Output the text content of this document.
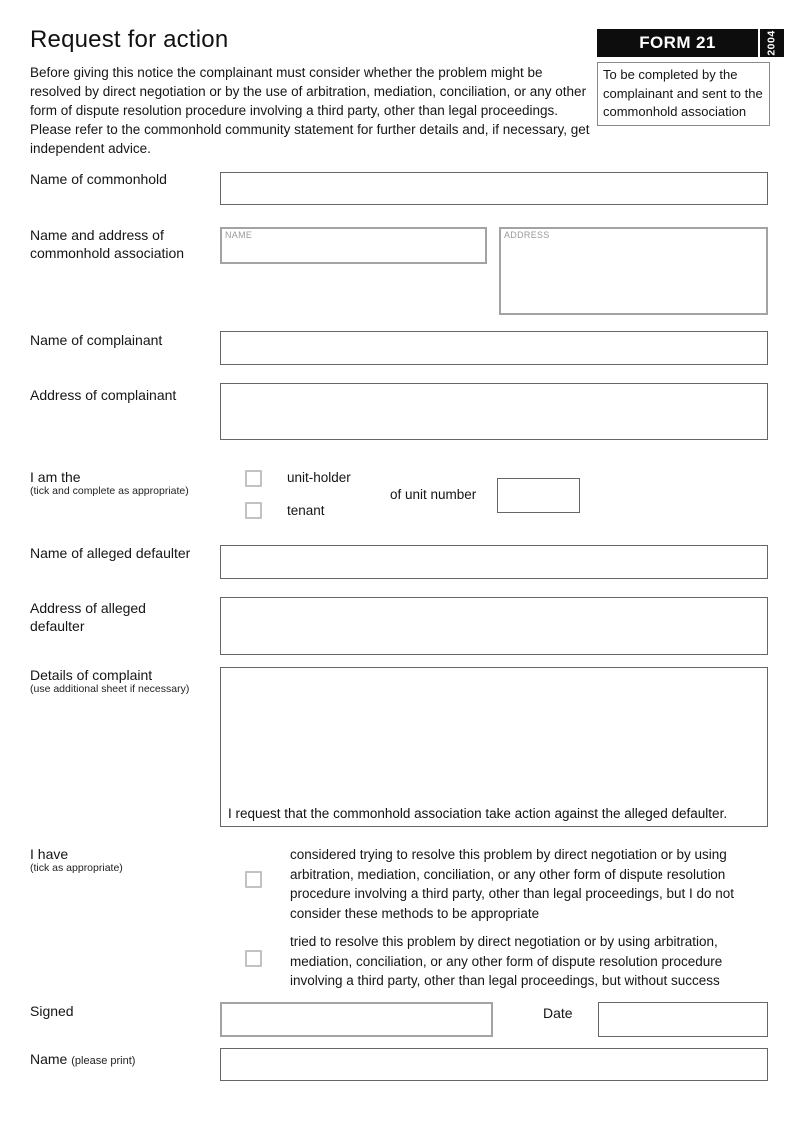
Request for action
Before giving this notice the complainant must consider whether the problem might be resolved by direct negotiation or by the use of arbitration, mediation, conciliation, or any other form of dispute resolution procedure involving a third party, other than legal proceedings. Please refer to the commonhold community statement for further details and, if necessary, get independent advice.
FORM 21	2004
To be completed by the complainant and sent to the commonhold association
Name of commonhold
Name and address of commonhold association
NAME	ADDRESS
Name of complainant
Address of complainant
I am the
(tick and complete as appropriate)
unit-holder
tenant
of unit number
Name of alleged defaulter
Address of alleged defaulter
Details of complaint
(use additional sheet if necessary)
I request that the commonhold association take action against the alleged defaulter.
I have
(tick as appropriate)
considered trying to resolve this problem by direct negotiation or by using arbitration, mediation, conciliation, or any other form of dispute resolution procedure involving a third party, other than legal proceedings, but I do not consider these methods to be appropriate
tried to resolve this problem by direct negotiation or by using arbitration, mediation, conciliation, or any other form of dispute resolution procedure involving a third party, other than legal proceedings, but without success
Signed	Date
Name (please print)
